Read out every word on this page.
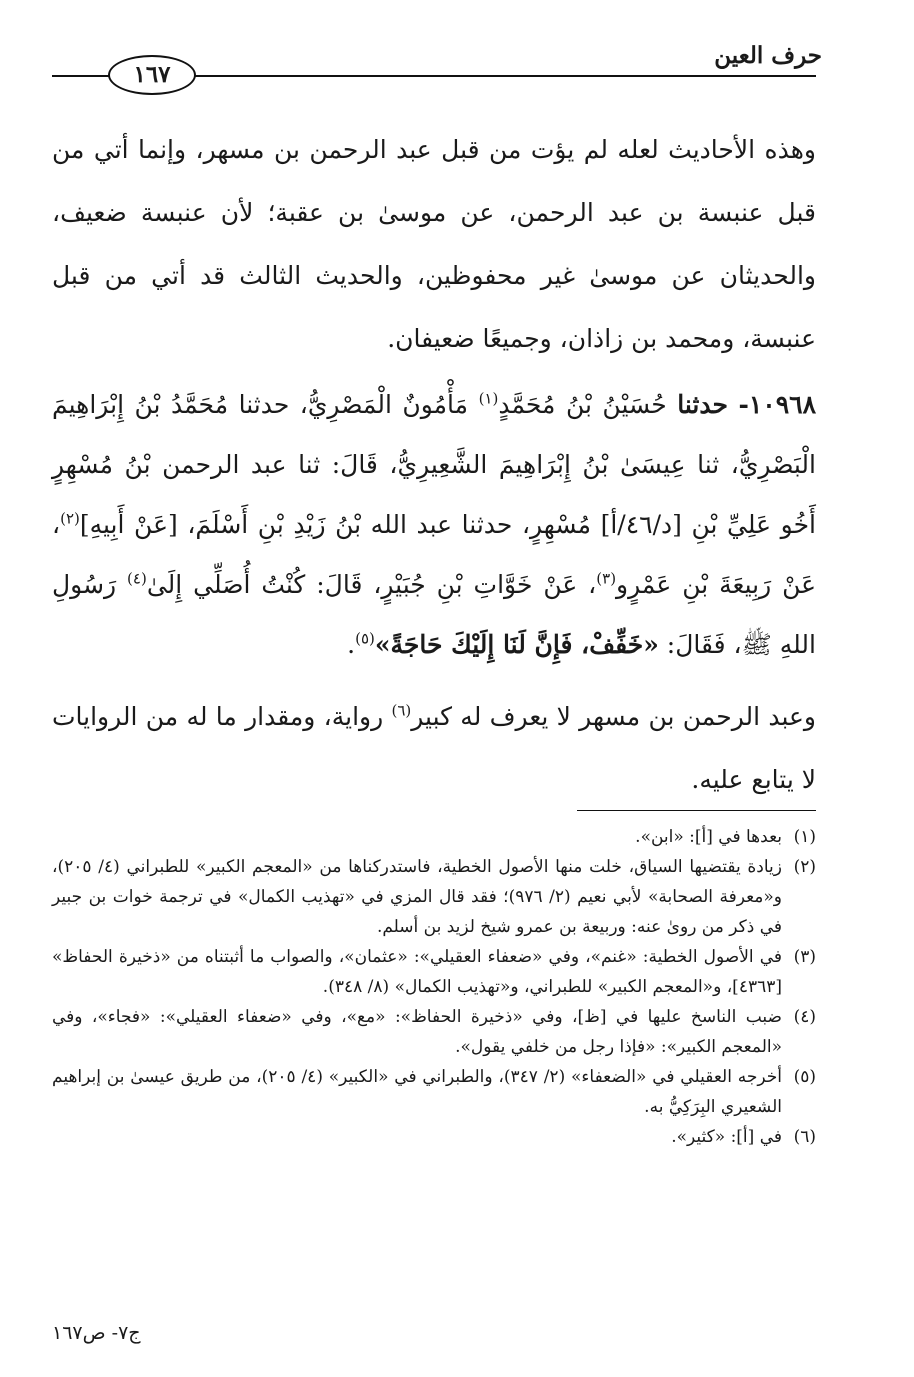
حرف العين
١٦٧

وهذه الأحاديث لعله لم يؤت من قبل عبد الرحمن بن مسهر، وإنما أتي من قبل عنبسة بن عبد الرحمن، عن موسىٰ بن عقبة؛ لأن عنبسة ضعيف، والحديثان عن موسىٰ غير محفوظين، والحديث الثالث قد أتي من قبل عنبسة، ومحمد بن زاذان، وجميعًا ضعيفان.

١٠٩٦٨- حدثنا حُسَيْنُ بْنُ مُحَمَّدٍ$^{(١)}$ مَأْمُونٌ الْمَصْرِيُّ، حدثنا مُحَمَّدُ بْنُ إِبْرَاهِيمَ الْبَصْرِيُّ، ثنا عِيسَىٰ بْنُ إِبْرَاهِيمَ الشَّعِيرِيُّ، قَالَ: ثنا عبد الرحمن بْنُ مُسْهِرٍ أَخُو عَلِيِّ بْنِ [د/٤٦/أ] مُسْهِرٍ، حدثنا عبد الله بْنُ زَيْدِ بْنِ أَسْلَمَ، [عَنْ أَبِيهِ]$^{(٢)}$، عَنْ رَبِيعَةَ بْنِ عَمْرٍو$^{(٣)}$، عَنْ خَوَّاتِ بْنِ جُبَيْرٍ، قَالَ: كُنْتُ أُصَلِّي إِلَىٰ$^{(٤)}$ رَسُولِ اللهِ ﷺ، فَقَالَ: «خَفِّفْ، فَإِنَّ لَنَا إِلَيْكَ حَاجَةً»$^{(٥)}$.

وعبد الرحمن بن مسهر لا يعرف له كبير$^{(٦)}$ رواية، ومقدار ما له من الروايات لا يتابع عليه.

(١)
بعدها في [أ]: «ابن».
(٢)
زيادة يقتضيها السياق، خلت منها الأصول الخطية، فاستدركناها من «المعجم الكبير» للطبراني (٤/ ٢٠٥)، و«معرفة الصحابة» لأبي نعيم (٢/ ٩٧٦)؛ فقد قال المزي في «تهذيب الكمال» في ترجمة خوات بن جبير في ذكر من روىٰ عنه: وربيعة بن عمرو شيخ لزيد بن أسلم.
(٣)
في الأصول الخطية: «غنم»، وفي «ضعفاء العقيلي»: «عثمان»، والصواب ما أثبتناه من «ذخيرة الحفاظ» [٤٣٦٣]، و«المعجم الكبير» للطبراني، و«تهذيب الكمال» (٨/ ٣٤٨).
(٤)
ضبب الناسخ عليها في [ظ]، وفي «ذخيرة الحفاظ»: «مع»، وفي «ضعفاء العقيلي»: «فجاء»، وفي «المعجم الكبير»: «فإذا رجل من خلفي يقول».
(٥)
أخرجه العقيلي في «الضعفاء» (٢/ ٣٤٧)، والطبراني في «الكبير» (٤/ ٢٠٥)، من طريق عيسىٰ بن إبراهيم الشعيري البِرَكِيُّ به.
(٦)
في [أ]: «كثير».
ج٧- ص١٦٧
